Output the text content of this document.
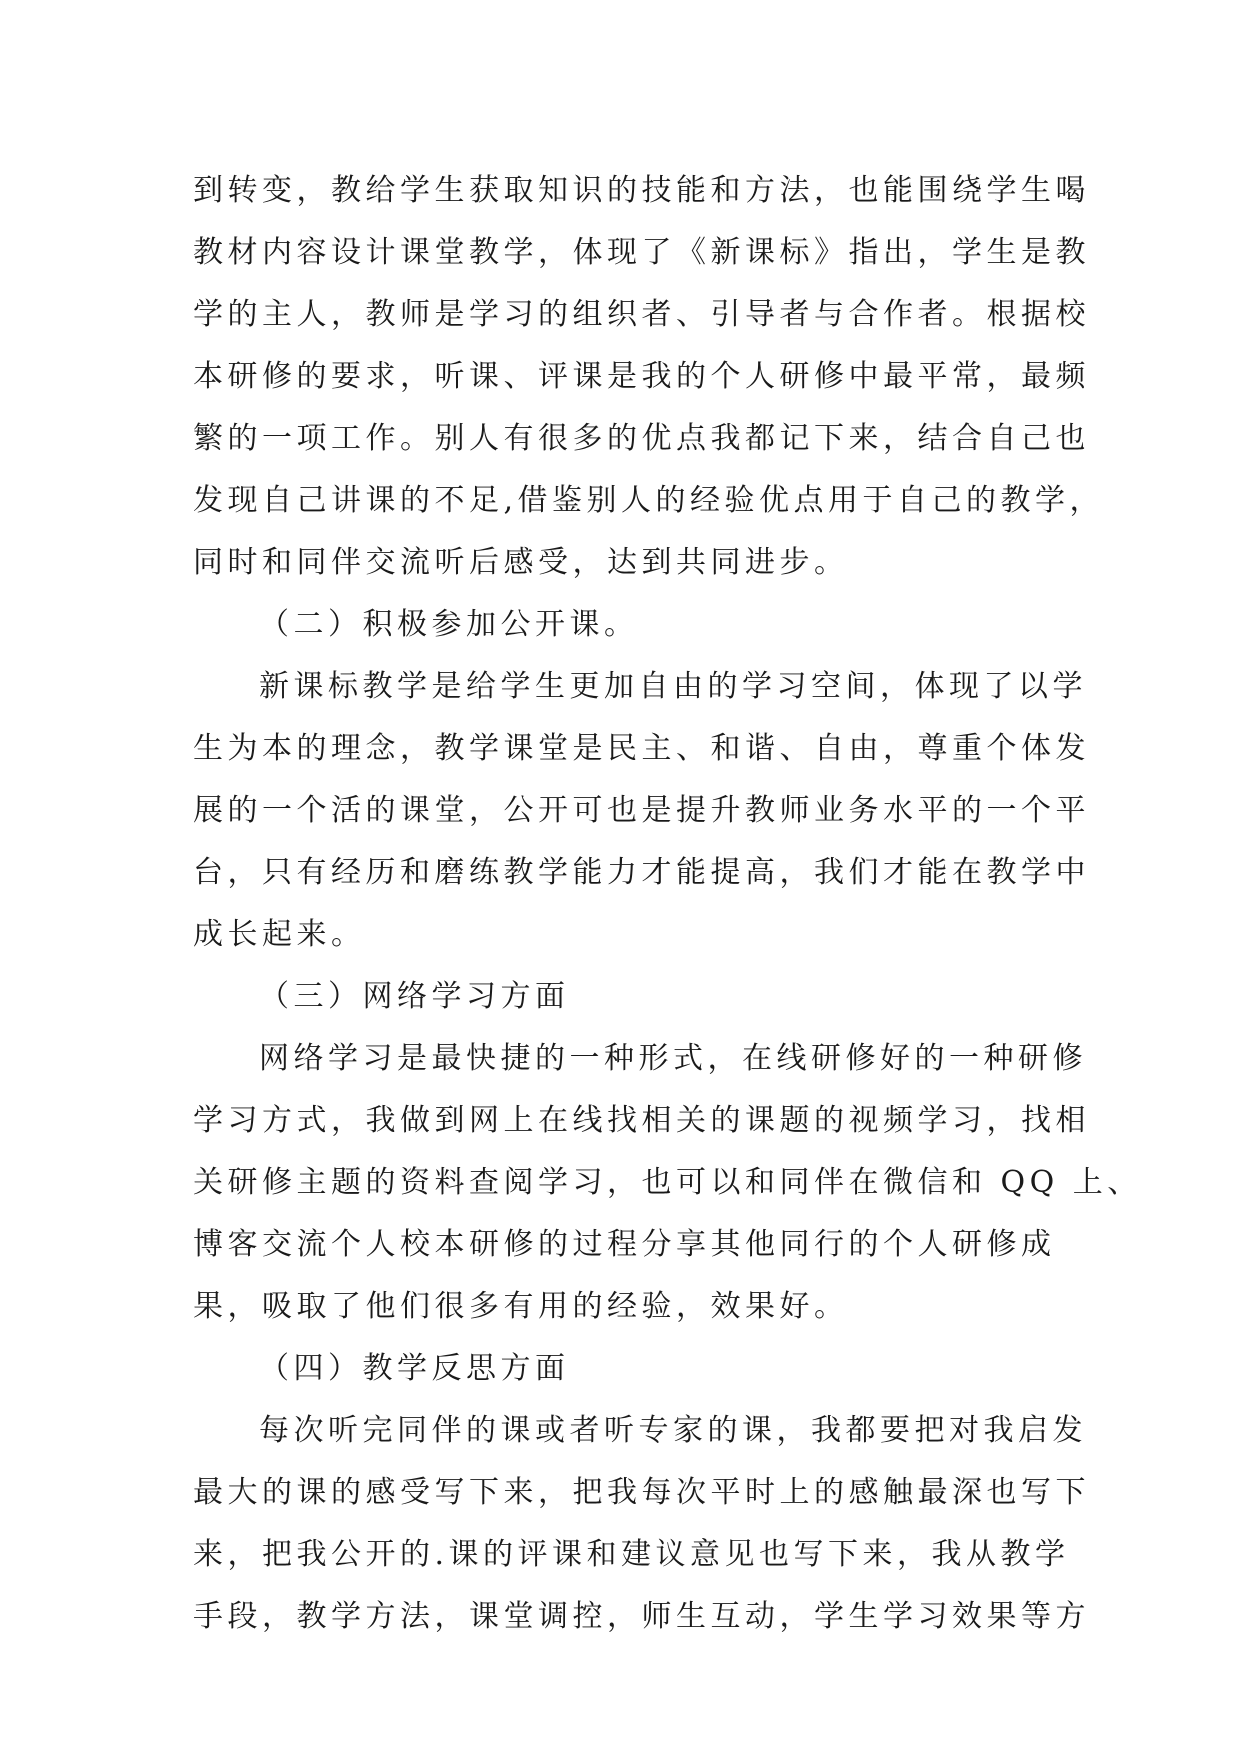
到转变，教给学生获取知识的技能和方法，也能围绕学生喝
教材内容设计课堂教学，体现了《新课标》指出，学生是教
学的主人，教师是学习的组织者、引导者与合作者。根据校
本研修的要求，听课、评课是我的个人研修中最平常，最频
繁的一项工作。别人有很多的优点我都记下来，结合自己也
发现自己讲课的不足,借鉴别人的经验优点用于自己的教学，
同时和同伴交流听后感受，达到共同进步。
（二）积极参加公开课。
新课标教学是给学生更加自由的学习空间，体现了以学
生为本的理念，教学课堂是民主、和谐、自由，尊重个体发
展的一个活的课堂，公开可也是提升教师业务水平的一个平
台，只有经历和磨练教学能力才能提高，我们才能在教学中
成长起来。
（三）网络学习方面
网络学习是最快捷的一种形式，在线研修好的一种研修
学习方式，我做到网上在线找相关的课题的视频学习，找相
关研修主题的资料查阅学习，也可以和同伴在微信和 QQ 上、
博客交流个人校本研修的过程分享其他同行的个人研修成
果，吸取了他们很多有用的经验，效果好。
（四）教学反思方面
每次听完同伴的课或者听专家的课，我都要把对我启发
最大的课的感受写下来，把我每次平时上的感触最深也写下
来，把我公开的.课的评课和建议意见也写下来，我从教学
手段，教学方法，课堂调控，师生互动，学生学习效果等方
